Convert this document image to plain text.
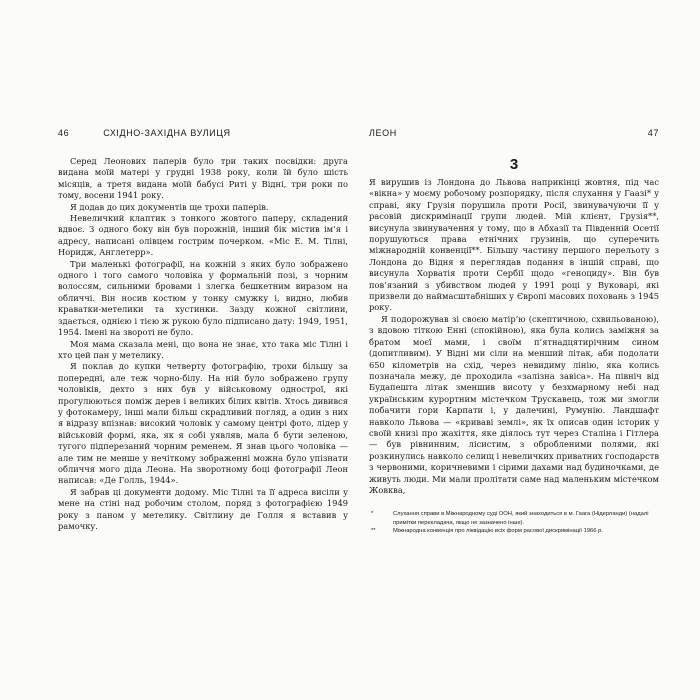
46	СХІДНО-ЗАХІДНА ВУЛИЦЯ

Серед Леонових паперів було три таких посвідки: друга видана моїй матері у грудні 1938 року, коли їй було шість місяців, а третя видана моїй бабусі Риті у Відні, три роки по тому, восени 1941 року.

Я додав до цих документів ще трохи паперів.

Невеличкий клаптик з тонкого жовтого паперу, складений вдвоє. З одного боку він був порожній, інший бік містив ім’я і адресу, написані олівцем гострим почерком. «Міс Е. М. Тілні, Норидж, Англетерр».

Три маленькі фотографії, на кожній з яких було зображено одного і того самого чоловіка у формальній позі, з чорним волоссям, сильними бровами і злегка бешкетним виразом на обличчі. Він носив костюм у тонку смужку і, видно, любив краватки-метелики та хустинки. Зазду кожної світлини, здається, однією і тією ж рукою було підписано дату: 1949, 1951, 1954. Імені на звороті не було.

Моя мама сказала мені, що вона не знає, хто така міс Тілні і хто цей пан у метелику.

Я поклав до купки четверту фотографію, трохи більшу за попередні, але теж чорно-білу. На ній було зображено групу чоловіків, дехто з них був у військовому однострої, які прогулюються поміж дерев і великих білих квітів. Хтось дивився у фотокамеру, інші мали більш скрадливий погляд, а один з них я відразу впізнав: високий чоловік у самому центрі фото, лідер у військовій формі, яка, як я собі уявляв, мала б бути зеленою, тугого підперезаний чорним ременем. Я знав цього чоловіка — але тим не менше у нечіткому зображенні можна було упізнати обличчя мого діда Леона. На зворотному боці фотографії Леон написав: «Де Голль, 1944».

Я забрав ці документи додому. Міс Тілні та її адреса висіли у мене на стіні над робочим столом, поряд з фотографією 1949 року з паном у метелику. Світлину де Голля я вставив у рамочку.

ЛЕОН	47
3

Я вирушив із Лондона до Львова наприкінці жовтня, під час «вікна» у моєму робочому розпорядку, після слухання у Гаазі* у справі, яку Грузія порушила проти Росії, звинувачуючи її у расовій дискримінації групи людей. Мій клієнт, Грузія**, висунула звинувачення у тому, що в Абхазії та Південній Осетії порушуються права етнічних грузинів, що суперечить міжнародній конвенції**. Більшу частину першого перельоту з Лондона до Відня я переглядав подання в іншій справі, що висунула Хорватія проти Сербії щодо «геноциду». Він був пов’язаний з убивством людей у 1991 році у Вуковарі, які призвели до наймасштабніших у Європі масових поховань з 1945 року.

Я подорожував зі своєю матір’ю (скептичною, схвильованою), з вдовою тіткою Енні (спокійною), яка була колись заміжня за братом моєї мами, і своїм п’ятнадцятирічним сином (допитливим). У Відні ми сіли на менший літак, аби подолати 650 кілометрів на схід, через невидиму лінію, яка колись позначала межу, де проходила «залізна завіса». На північ від Будапешта літак зменшив висоту у безхмарному небі над українським курортним містечком Трускавець, тож ми змогли побачити гори Карпати і, у далечині, Румунію. Ландшафт навколо Львова — «криваві землі», як їх описав один історик у своїй книзі про жахіття, яке діялось тут через Сталіна і Гітлера — був рівнинним, лісистим, з обробленими полями, які розкинулись навколо селищ і невеличких приватних господарств з червоними, коричневими і сірими дахами над будиночками, де живуть люди. Ми мали пролітати саме над маленьким містечком Жовква,

*	Слухання справи в Міжнародному суді ООН, який знаходиться в м. Гаага (Нідерланди) (надалі примітки перекладача, якщо не зазначено інше).
**	Міжнародна конвенція про ліквідацію всіх форм расової дискримінації 1966 р.
